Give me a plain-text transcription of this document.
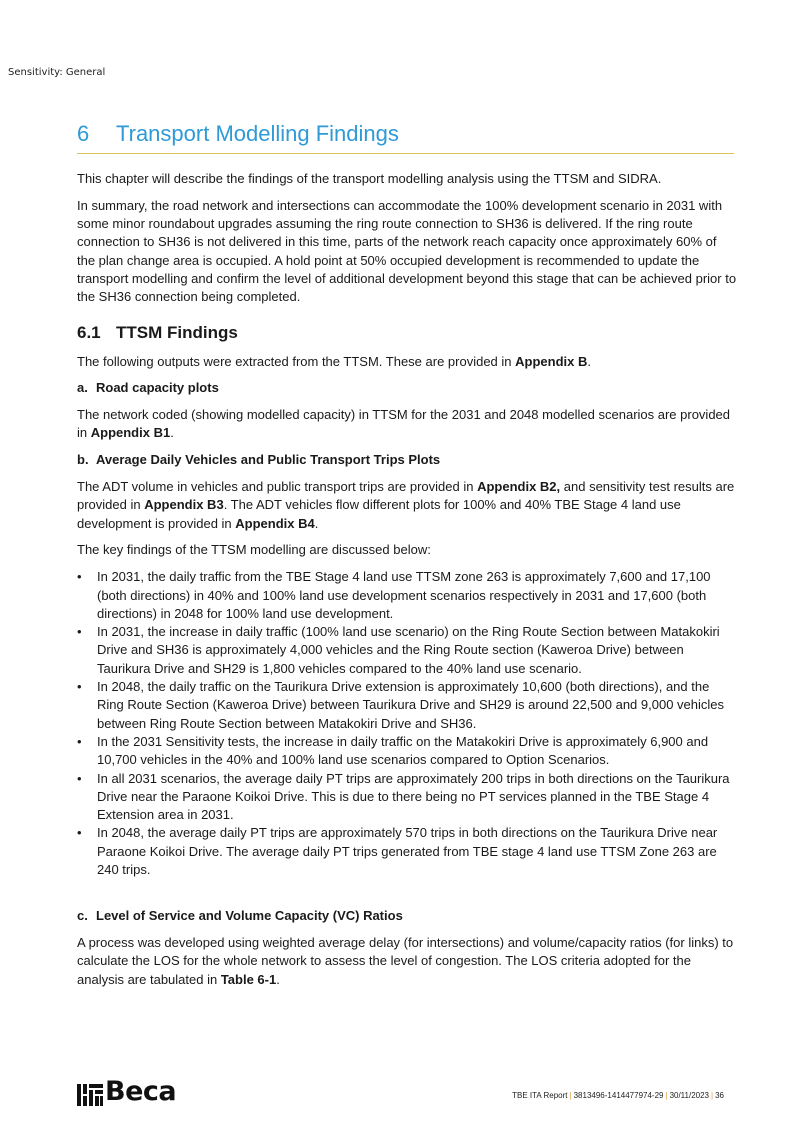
Sensitivity: General
6 Transport Modelling Findings

This chapter will describe the findings of the transport modelling analysis using the TTSM and SIDRA.

In summary, the road network and intersections can accommodate the 100% development scenario in 2031 with some minor roundabout upgrades assuming the ring route connection to SH36 is delivered. If the ring route connection to SH36 is not delivered in this time, parts of the network reach capacity once approximately 60% of the plan change area is occupied. A hold point at 50% occupied development is recommended to update the transport modelling and confirm the level of additional development beyond this stage that can be achieved prior to the SH36 connection being completed.

6.1 TTSM Findings

The following outputs were extracted from the TTSM. These are provided in Appendix B.

a. Road capacity plots

The network coded (showing modelled capacity) in TTSM for the 2031 and 2048 modelled scenarios are provided in Appendix B1.

b. Average Daily Vehicles and Public Transport Trips Plots

The ADT volume in vehicles and public transport trips are provided in Appendix B2, and sensitivity test results are provided in Appendix B3. The ADT vehicles flow different plots for 100% and 40% TBE Stage 4 land use development is provided in Appendix B4.

The key findings of the TTSM modelling are discussed below:

• In 2031, the daily traffic from the TBE Stage 4 land use TTSM zone 263 is approximately 7,600 and 17,100 (both directions) in 40% and 100% land use development scenarios respectively in 2031 and 17,600 (both directions) in 2048 for 100% land use development.
• In 2031, the increase in daily traffic (100% land use scenario) on the Ring Route Section between Matakokiri Drive and SH36 is approximately 4,000 vehicles and the Ring Route section (Kaweroa Drive) between Taurikura Drive and SH29 is 1,800 vehicles compared to the 40% land use scenario.
• In 2048, the daily traffic on the Taurikura Drive extension is approximately 10,600 (both directions), and the Ring Route Section (Kaweroa Drive) between Taurikura Drive and SH29 is around 22,500 and 9,000 vehicles between Ring Route Section between Matakokiri Drive and SH36.
• In the 2031 Sensitivity tests, the increase in daily traffic on the Matakokiri Drive is approximately 6,900 and 10,700 vehicles in the 40% and 100% land use scenarios compared to Option Scenarios.
• In all 2031 scenarios, the average daily PT trips are approximately 200 trips in both directions on the Taurikura Drive near the Paraone Koikoi Drive. This is due to there being no PT services planned in the TBE Stage 4 Extension area in 2031.
• In 2048, the average daily PT trips are approximately 570 trips in both directions on the Taurikura Drive near Paraone Koikoi Drive. The average daily PT trips generated from TBE stage 4 land use TTSM Zone 263 are 240 trips.

c. Level of Service and Volume Capacity (VC) Ratios

A process was developed using weighted average delay (for intersections) and volume/capacity ratios (for links) to calculate the LOS for the whole network to assess the level of congestion. The LOS criteria adopted for the analysis are tabulated in Table 6-1.

Beca	TBE ITA Report | 3813496-1414477974-29 | 30/11/2023 | 36
